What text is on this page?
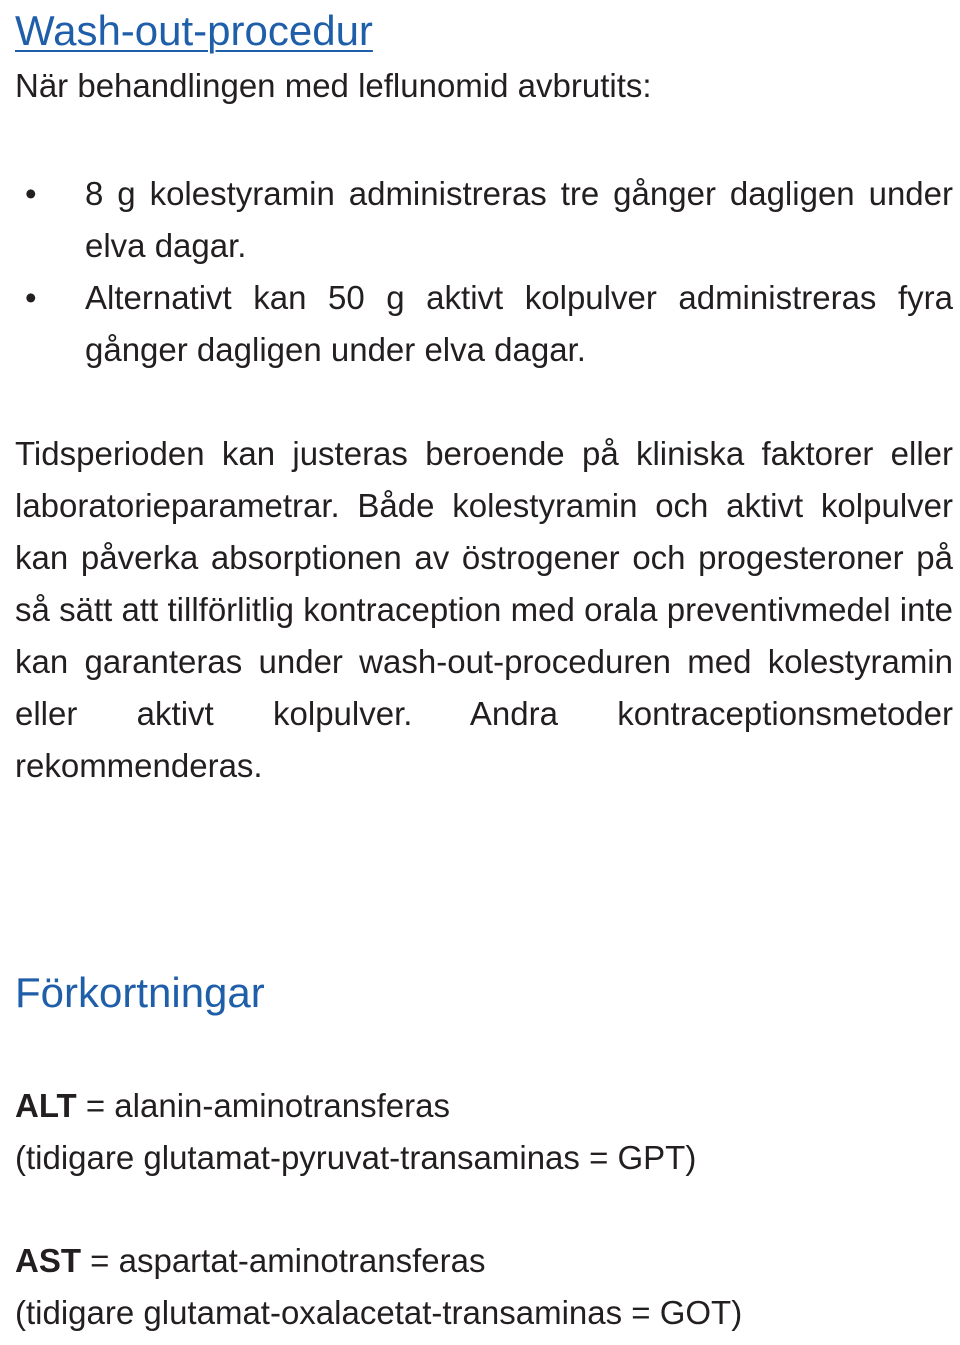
Wash-out-procedur

När behandlingen med leflunomid avbrutits:

• 8 g kolestyramin administreras tre gånger dagligen under elva dagar.
• Alternativt kan 50 g aktivt kolpulver administreras fyra gånger dagligen under elva dagar.

Tidsperioden kan justeras beroende på kliniska faktorer eller laboratorieparametrar. Både kolestyramin och aktivt kolpulver kan påverka absorptionen av östrogener och progesteroner på så sätt att tillförlitlig kontraception med orala preventivmedel inte kan garanteras under wash-out-proceduren med kolestyramin eller aktivt kolpulver. Andra kontraceptionsmetoder rekommenderas.

Förkortningar
ALT = alanin-aminotransferas
(tidigare glutamat-pyruvat-transaminas = GPT)
AST = aspartat-aminotransferas
(tidigare glutamat-oxalacetat-transaminas = GOT)
